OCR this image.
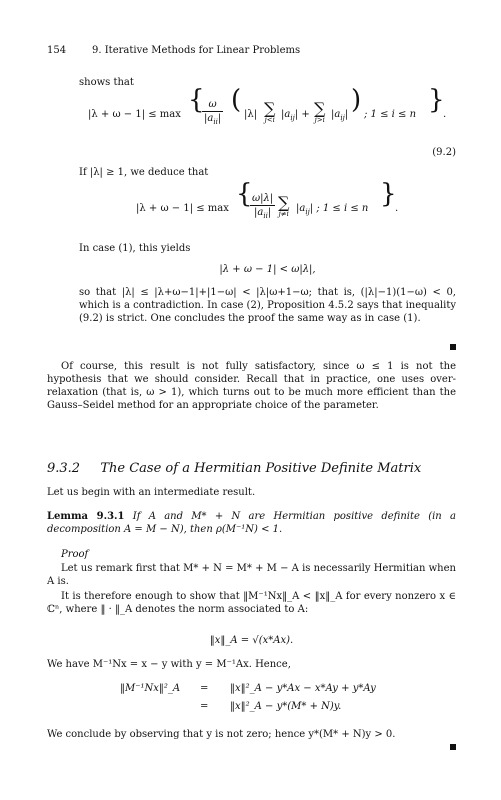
154	9. Iterative Methods for Linear Problems
shows that
|λ + ω − 1| ≤ max { ω
$|a_{ii}|$
( |λ| ∑
j<i $|a_{ij}|$ + ∑
j>i $|a_{ij}|$ ) ; 1 ≤ i ≤ n }
.
(9.2)
If |λ| ≥ 1, we deduce that
|λ + ω − 1| ≤ max { ω|λ|
$|a_{ii}|$
∑
j≠i $|a_{ij}|$ ; 1 ≤ i ≤ n }
.
In case (1), this yields
|λ + ω − 1| < ω|λ|,
so that |λ| ≤ |λ+ω−1|+|1−ω| < |λ|ω+1−ω; that is, (|λ|−1)(1−ω) < 0, which is a contradiction. In case (2), Proposition 4.5.2 says that inequality (9.2) is strict. One concludes the proof the same way as in case (1).
Of course, this result is not fully satisfactory, since ω ≤ 1 is not the hypothesis that we should consider. Recall that in practice, one uses over-relaxation (that is, ω > 1), which turns out to be much more efficient than the Gauss–Seidel method for an appropriate choice of the parameter.
9.3.2 The Case of a Hermitian Positive Definite Matrix
Let us begin with an intermediate result.
Lemma 9.3.1 If A and M* + N are Hermitian positive definite (in a decomposition A = M − N), then ρ(M⁻¹N) < 1.
Proof
Let us remark first that M* + N = M* + M − A is necessarily Hermitian when A is.
It is therefore enough to show that ‖M⁻¹Nx‖_A < ‖x‖_A for every nonzero x ∈ ℂⁿ, where ‖ · ‖_A denotes the norm associated to A:
‖x‖_A = √(x*Ax).
We have M⁻¹Nx = x − y with y = M⁻¹Ax. Hence,
‖M⁻¹Nx‖²_A = ‖x‖²_A − y*Ax − x*Ay + y*Ay
= ‖x‖²_A − y*(M* + N)y.
We conclude by observing that y is not zero; hence y*(M* + N)y > 0.
